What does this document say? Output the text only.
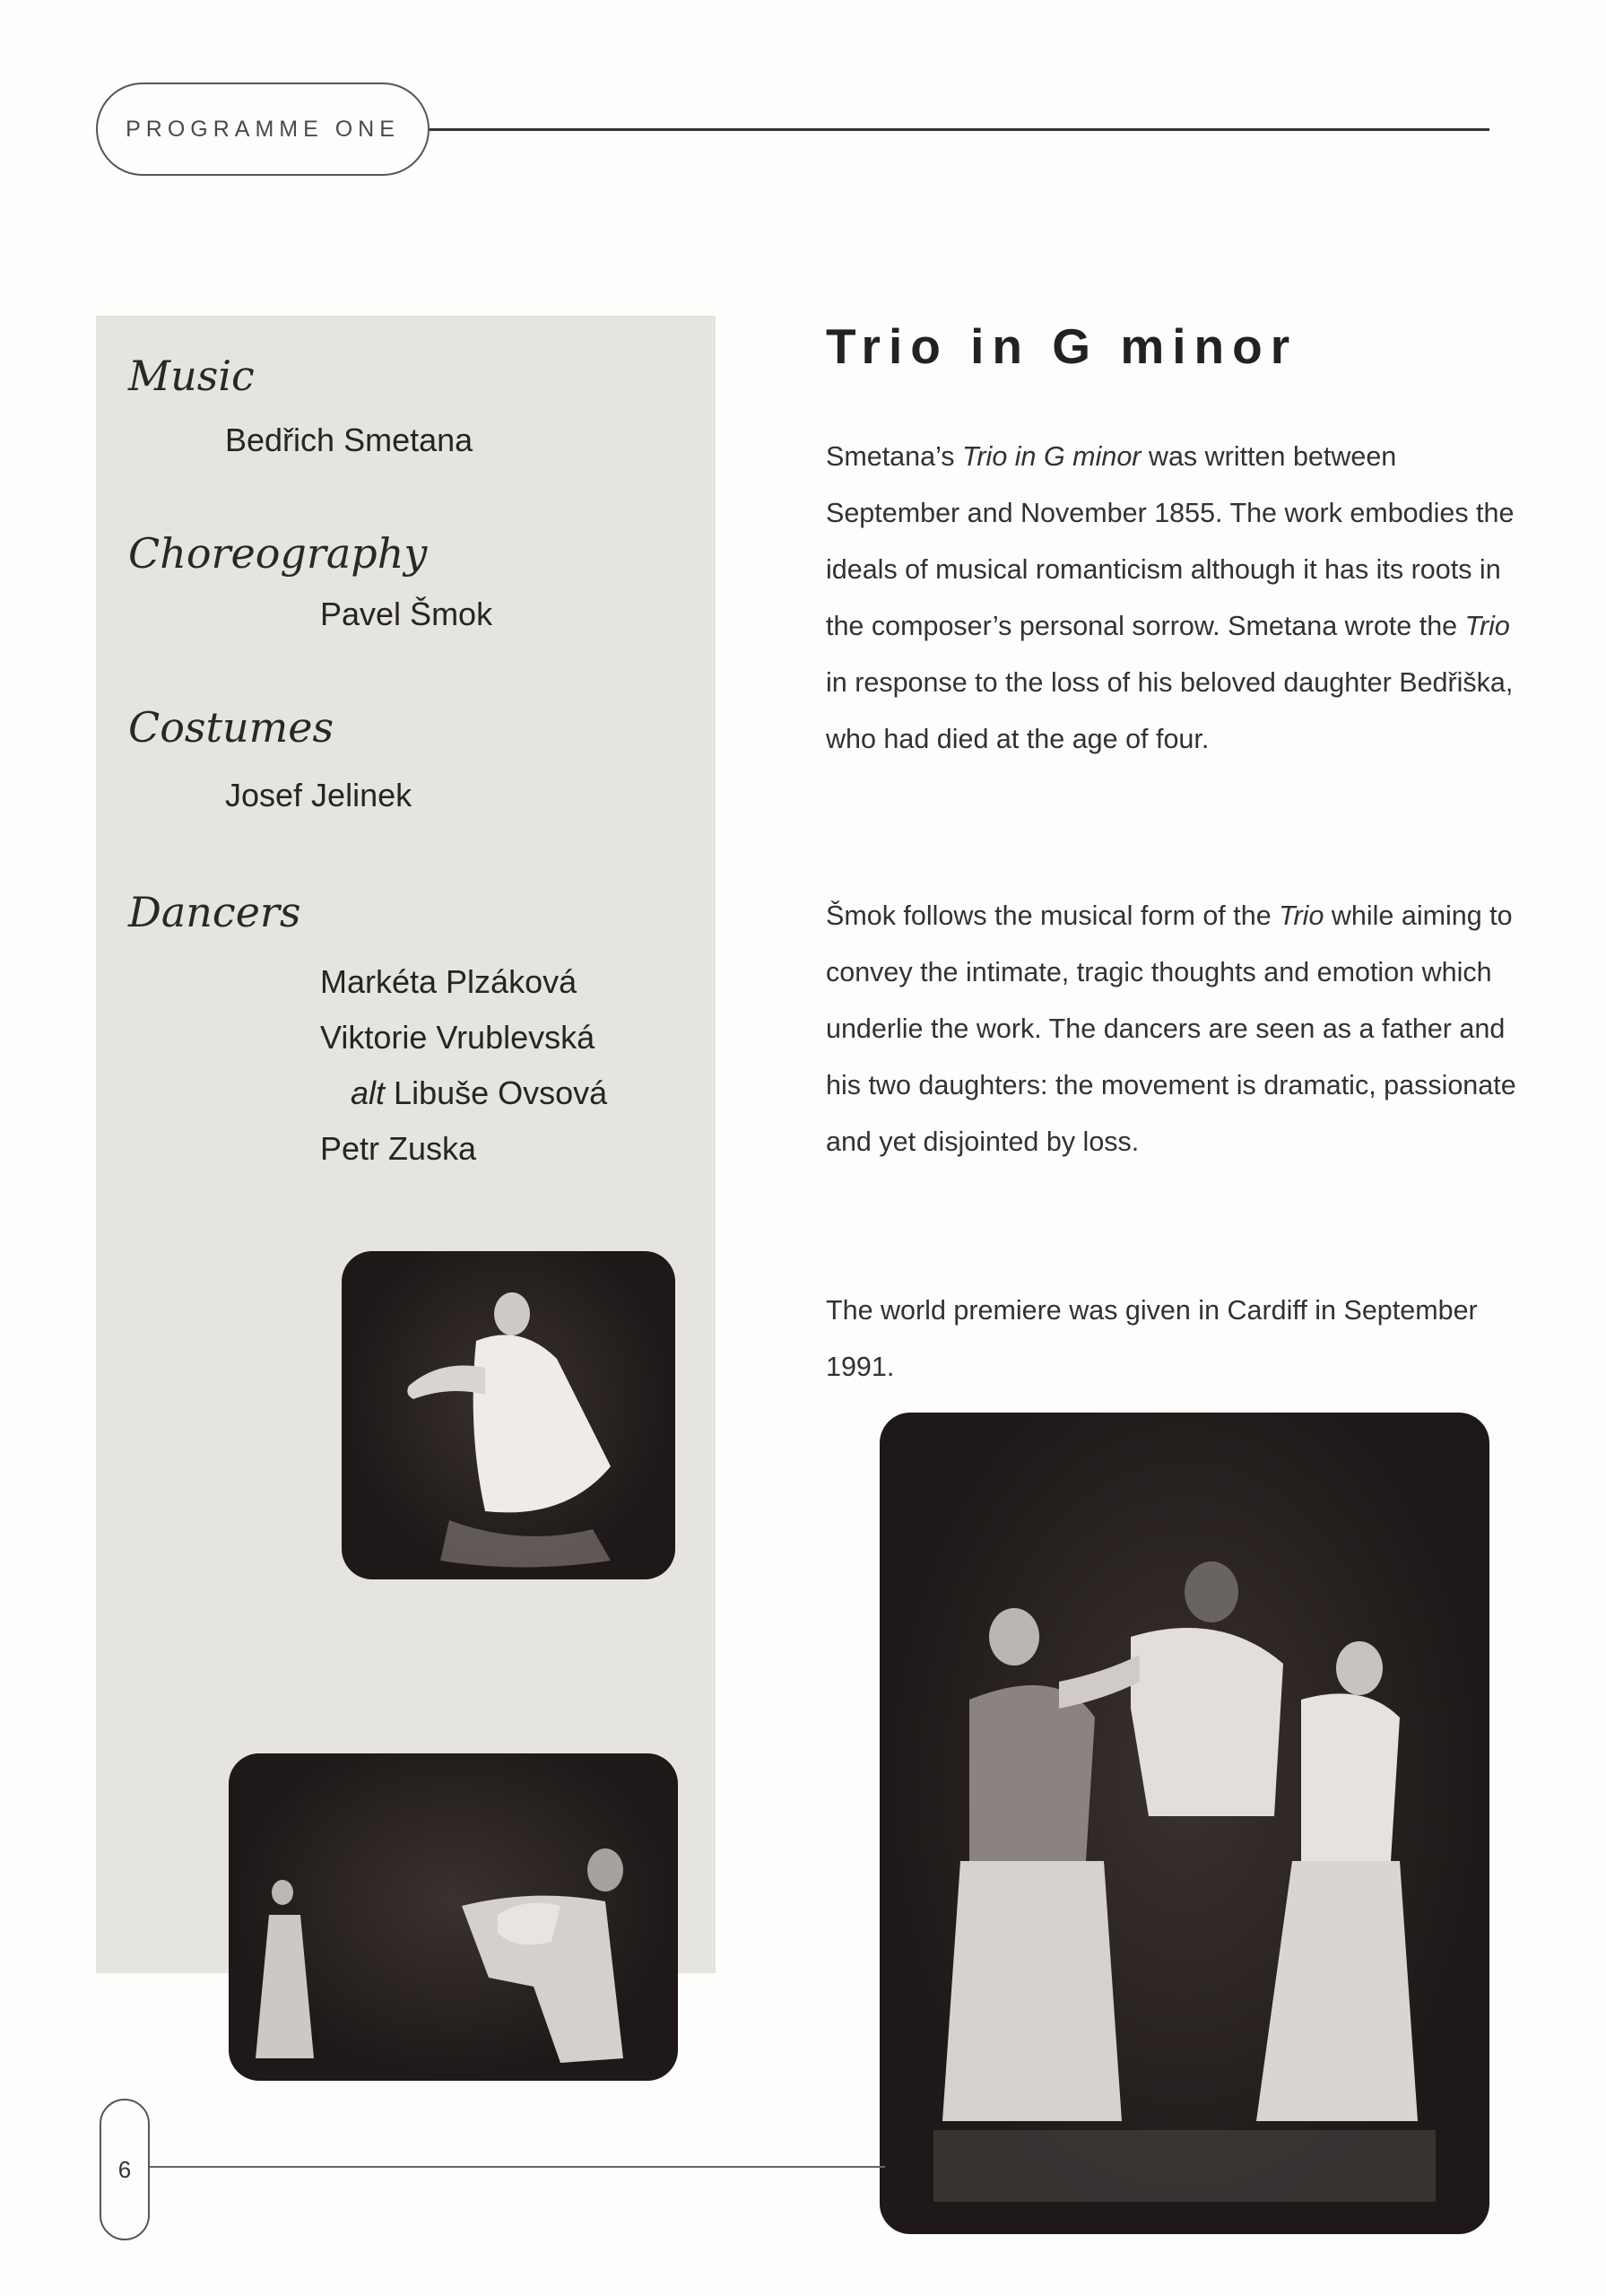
PROGRAMME ONE
Music
Bedřich Smetana
Choreography
Pavel Šmok
Costumes
Josef Jelinek
Dancers
Markéta Plzáková
Viktorie Vrublevská
alt Libuše Ovsová
Petr Zuska
Trio in G minor

Smetana’s Trio in G minor was written between September and November 1855. The work embodies the ideals of musical romanticism although it has its roots in the composer’s personal sorrow. Smetana wrote the Trio in response to the loss of his beloved daughter Bedřiška, who had died at the age of four.

Šmok follows the musical form of the Trio while aiming to convey the intimate, tragic thoughts and emotion which underlie the work. The dancers are seen as a father and his two daughters: the movement is dramatic, passionate and yet disjointed by loss.

The world premiere was given in Cardiff in September 1991.

6
